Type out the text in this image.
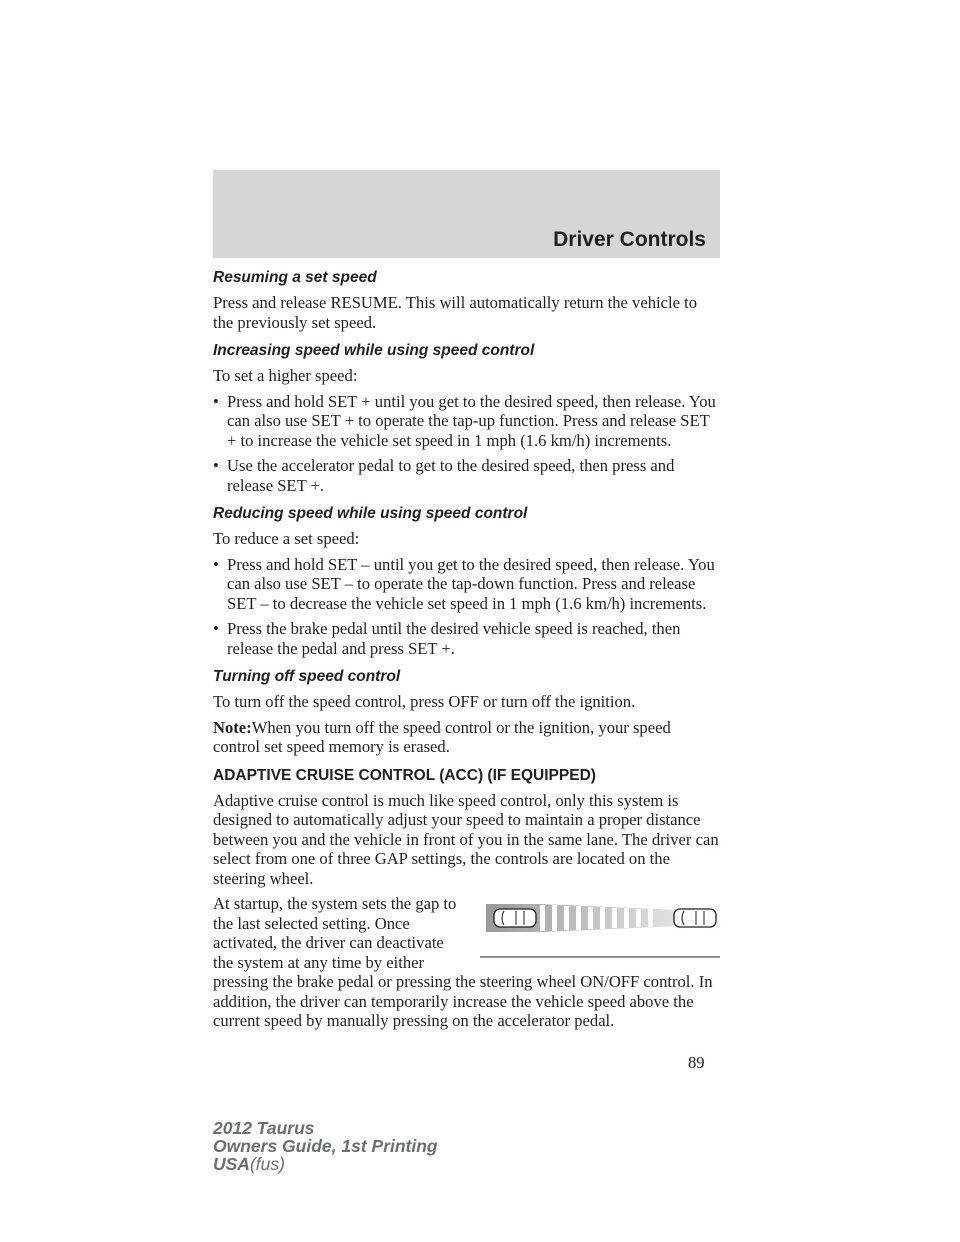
Driver Controls

Resuming a set speed

Press and release RESUME. This will automatically return the vehicle to the previously set speed.

Increasing speed while using speed control

To set a higher speed:

• Press and hold SET + until you get to the desired speed, then release. You can also use SET + to operate the tap-up function. Press and release SET + to increase the vehicle set speed in 1 mph (1.6 km/h) increments.
• Use the accelerator pedal to get to the desired speed, then press and release SET +.

Reducing speed while using speed control

To reduce a set speed:

• Press and hold SET – until you get to the desired speed, then release. You can also use SET – to operate the tap-down function. Press and release SET – to decrease the vehicle set speed in 1 mph (1.6 km/h) increments.
• Press the brake pedal until the desired vehicle speed is reached, then release the pedal and press SET +.

Turning off speed control

To turn off the speed control, press OFF or turn off the ignition.

Note:When you turn off the speed control or the ignition, your speed control set speed memory is erased.

ADAPTIVE CRUISE CONTROL (ACC) (IF EQUIPPED)

Adaptive cruise control is much like speed control, only this system is designed to automatically adjust your speed to maintain a proper distance between you and the vehicle in front of you in the same lane. The driver can select from one of three GAP settings, the controls are located on the steering wheel.

At startup, the system sets the gap to the last selected setting. Once activated, the driver can deactivate the system at any time by either pressing the brake pedal or pressing the steering wheel ON/OFF control. In addition, the driver can temporarily increase the vehicle speed above the current speed by manually pressing on the accelerator pedal.

89
2012 Taurus
Owners Guide, 1st Printing
USA(fus)
